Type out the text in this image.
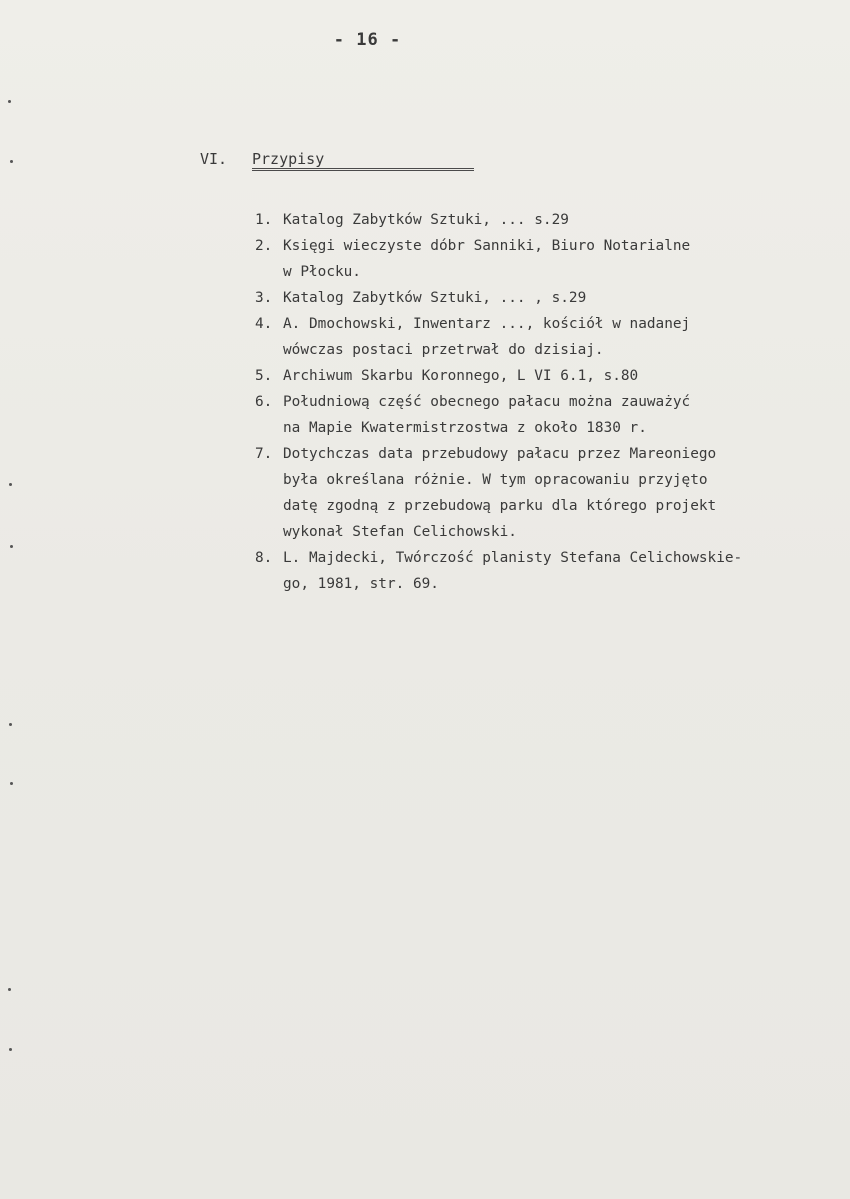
- 16 -
VI. Przypisy
1. Katalog Zabytków Sztuki, ... s.29
2. Księgi wieczyste dóbr Sanniki, Biuro Notarialne
w Płocku.
3. Katalog Zabytków Sztuki, ... , s.29
4. A. Dmochowski, Inwentarz ..., kościół w nadanej
wówczas postaci przetrwał do dzisiaj.
5. Archiwum Skarbu Koronnego, L VI 6.1, s.80
6. Południową część obecnego pałacu można zauważyć
na Mapie Kwatermistrzostwa z około 1830 r.
7. Dotychczas data przebudowy pałacu przez Mareoniego
była określana różnie. W tym opracowaniu przyjęto
datę zgodną z przebudową parku dla którego projekt
wykonał Stefan Celichowski.
8. L. Majdecki, Twórczość planisty Stefana Celichowskie-
go, 1981, str. 69.
